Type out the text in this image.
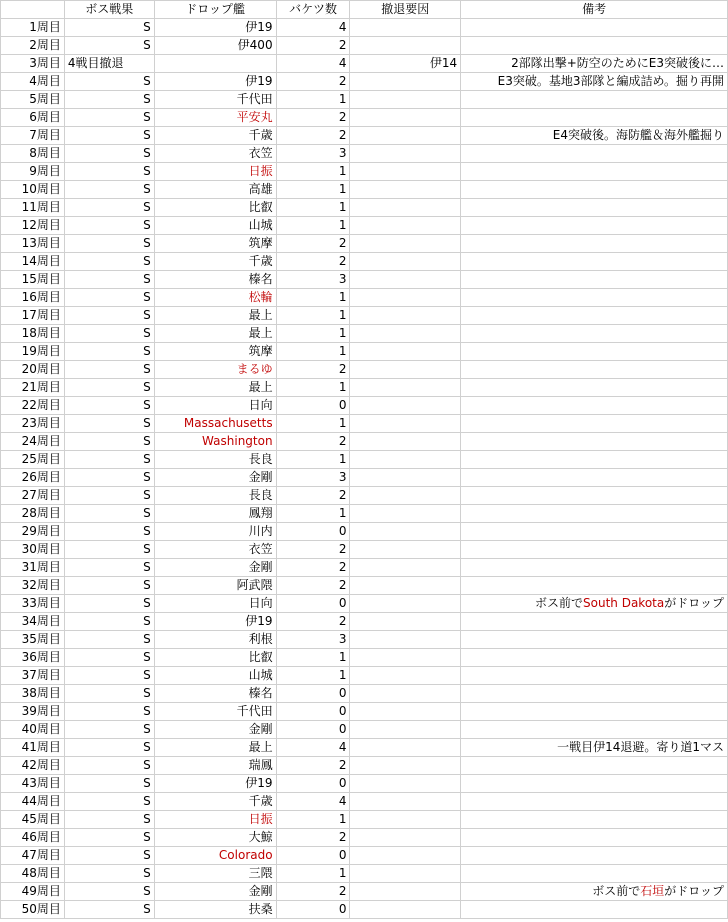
	ボス戦果	ドロップ艦	バケツ数	撤退要因	備考
1周目	S	伊19	4		
2周目	S	伊400	2		
3周目	4戦目撤退		4	伊14	2部隊出撃+防空のためにE3突破後に…
4周目	S	伊19	2		E3突破。基地3部隊と編成詰め。掘り再開
5周目	S	千代田	1		
6周目	S	平安丸	2		
7周目	S	千歳	2		E4突破後。海防艦＆海外艦掘り
8周目	S	衣笠	3		
9周目	S	日振	1		
10周目	S	高雄	1		
11周目	S	比叡	1		
12周目	S	山城	1		
13周目	S	筑摩	2		
14周目	S	千歳	2		
15周目	S	榛名	3		
16周目	S	松輪	1		
17周目	S	最上	1		
18周目	S	最上	1		
19周目	S	筑摩	1		
20周目	S	まるゆ	2		
21周目	S	最上	1		
22周目	S	日向	0		
23周目	S	Massachusetts	1		
24周目	S	Washington	2		
25周目	S	長良	1		
26周目	S	金剛	3		
27周目	S	長良	2		
28周目	S	鳳翔	1		
29周目	S	川内	0		
30周目	S	衣笠	2		
31周目	S	金剛	2		
32周目	S	阿武隈	2		
33周目	S	日向	0		ボス前でSouth Dakotaがドロップ
34周目	S	伊19	2		
35周目	S	利根	3		
36周目	S	比叡	1		
37周目	S	山城	1		
38周目	S	榛名	0		
39周目	S	千代田	0		
40周目	S	金剛	0		
41周目	S	最上	4		一戦目伊14退避。寄り道1マス
42周目	S	瑞鳳	2		
43周目	S	伊19	0		
44周目	S	千歳	4		
45周目	S	日振	1		
46周目	S	大鯨	2		
47周目	S	Colorado	0		
48周目	S	三隈	1		
49周目	S	金剛	2		ボス前で石垣がドロップ
50周目	S	扶桑	0		
